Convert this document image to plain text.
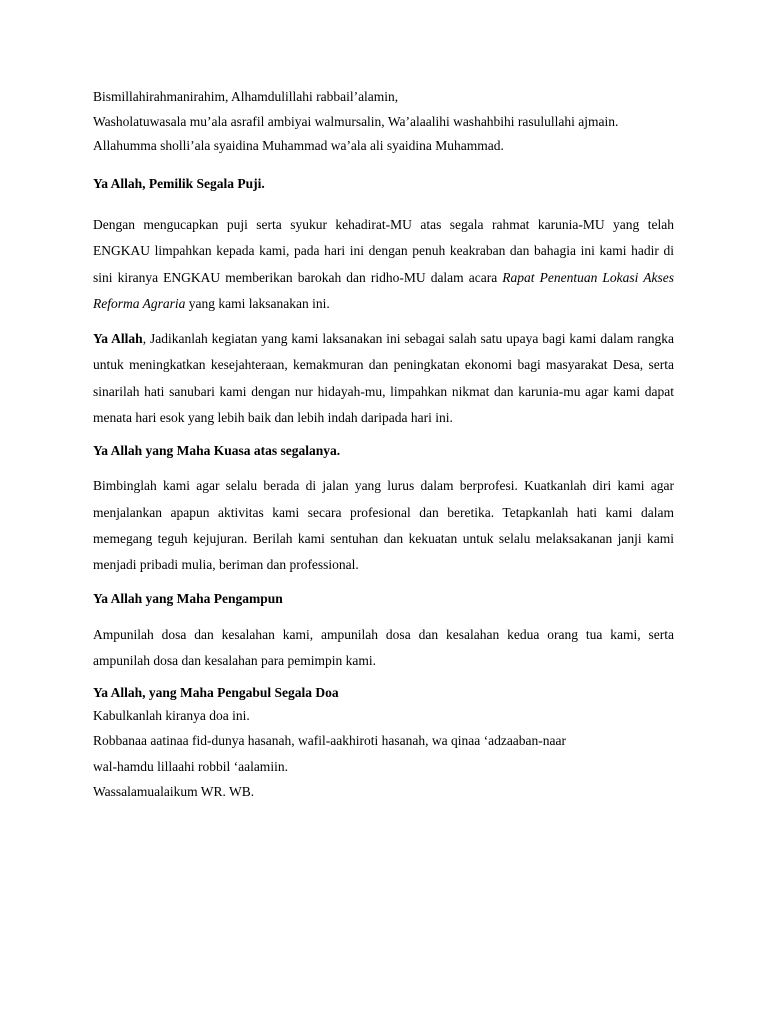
Bismillahirahmanirahim, Alhamdulillahi rabbail’alamin,
Washolatuwasala mu’ala asrafil ambiyai walmursalin, Wa’alaalihi washahbihi rasulullahi ajmain.
Allahumma sholli’ala syaidina Muhammad wa’ala ali syaidina Muhammad.
Ya Allah, Pemilik Segala Puji.
Dengan mengucapkan puji serta syukur kehadirat-MU atas segala rahmat karunia-MU yang telah ENGKAU limpahkan kepada kami, pada hari ini dengan penuh keakraban dan bahagia ini kami hadir di sini kiranya ENGKAU memberikan barokah dan ridho-MU dalam acara Rapat Penentuan Lokasi Akses Reforma Agraria yang kami laksanakan ini.
Ya Allah, Jadikanlah kegiatan yang kami laksanakan ini sebagai salah satu upaya bagi kami dalam rangka untuk meningkatkan kesejahteraan, kemakmuran dan peningkatan ekonomi bagi masyarakat Desa, serta sinarilah hati sanubari kami dengan nur hidayah-mu, limpahkan nikmat dan karunia-mu agar kami dapat menata hari esok yang lebih baik dan lebih indah daripada hari ini.
Ya Allah yang Maha Kuasa atas segalanya.
Bimbinglah kami agar selalu berada di jalan yang lurus dalam berprofesi. Kuatkanlah diri kami agar menjalankan apapun aktivitas kami secara profesional dan beretika. Tetapkanlah hati kami dalam memegang teguh kejujuran. Berilah kami sentuhan dan kekuatan untuk selalu melaksakanan janji kami menjadi pribadi mulia, beriman dan professional.
Ya Allah yang Maha Pengampun
Ampunilah dosa dan kesalahan kami, ampunilah dosa dan kesalahan kedua orang tua kami, serta ampunilah dosa dan kesalahan para pemimpin kami.
Ya Allah, yang Maha Pengabul Segala Doa
Kabulkanlah kiranya doa ini.
Robbanaa aatinaa fid-dunya hasanah, wafil-aakhiroti hasanah, wa qinaa ‘adzaaban-naar
wal-hamdu lillaahi robbil ‘aalamiin.
Wassalamualaikum WR. WB.
